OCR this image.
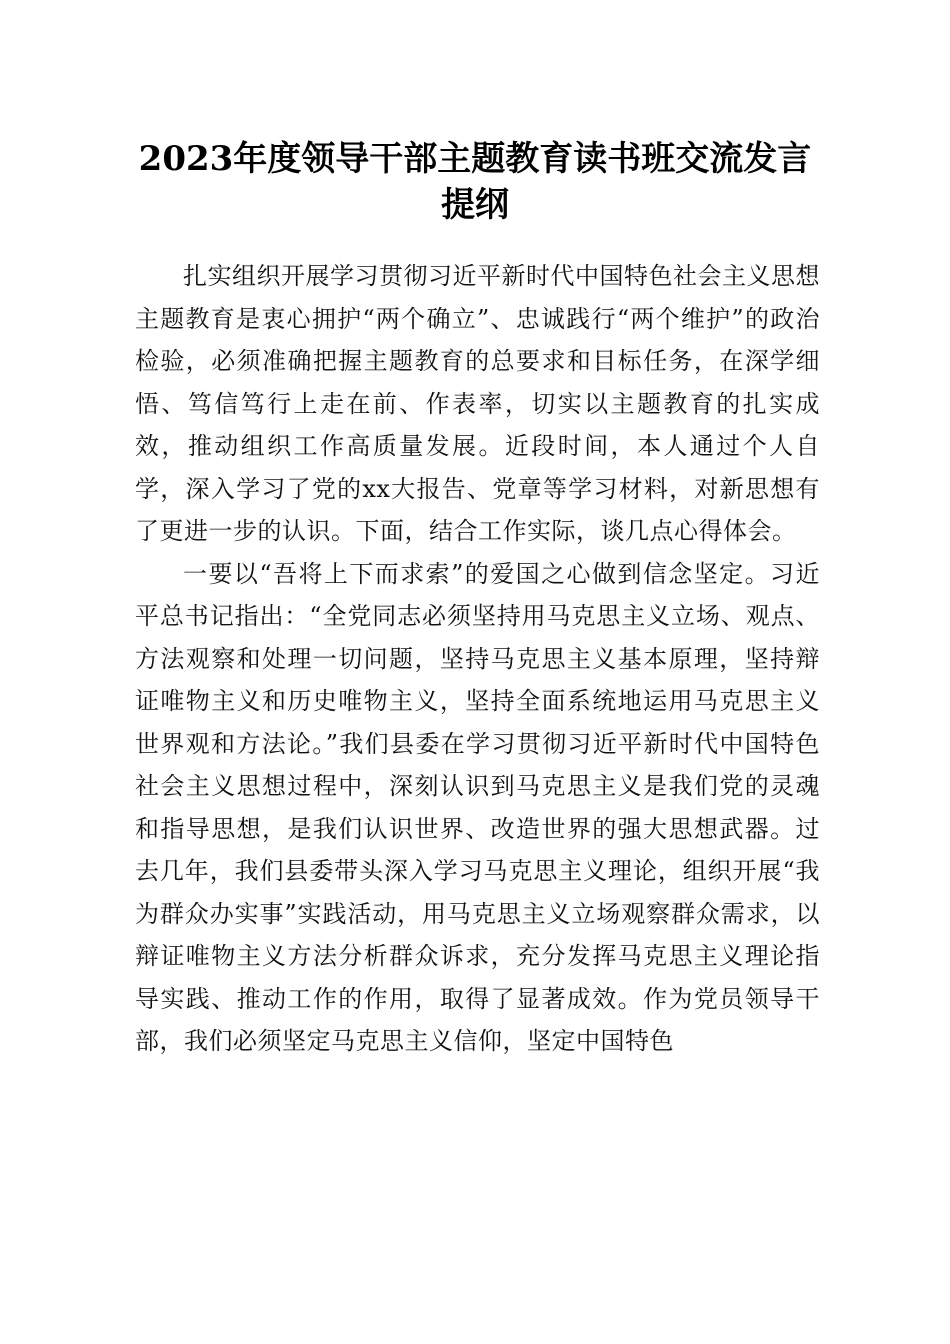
2023年度领导干部主题教育读书班交流发言
提纲

扎实组织开展学习贯彻习近平新时代中国特色社会主义思想主题教育是衷心拥护“两个确立”、忠诚践行“两个维护”的政治检验，必须准确把握主题教育的总要求和目标任务，在深学细悟、笃信笃行上走在前、作表率，切实以主题教育的扎实成效，推动组织工作高质量发展。近段时间，本人通过个人自学，深入学习了党的xx大报告、党章等学习材料，对新思想有了更进一步的认识。下面，结合工作实际，谈几点心得体会。

一要以“吾将上下而求索”的爱国之心做到信念坚定。习近平总书记指出：“全党同志必须坚持用马克思主义立场、观点、方法观察和处理一切问题，坚持马克思主义基本原理，坚持辩证唯物主义和历史唯物主义，坚持全面系统地运用马克思主义世界观和方法论。”我们县委在学习贯彻习近平新时代中国特色社会主义思想过程中，深刻认识到马克思主义是我们党的灵魂和指导思想，是我们认识世界、改造世界的强大思想武器。过去几年，我们县委带头深入学习马克思主义理论，组织开展“我为群众办实事”实践活动，用马克思主义立场观察群众需求，以辩证唯物主义方法分析群众诉求，充分发挥马克思主义理论指导实践、推动工作的作用，取得了显著成效。作为党员领导干部，我们必须坚定马克思主义信仰，坚定中国特色
